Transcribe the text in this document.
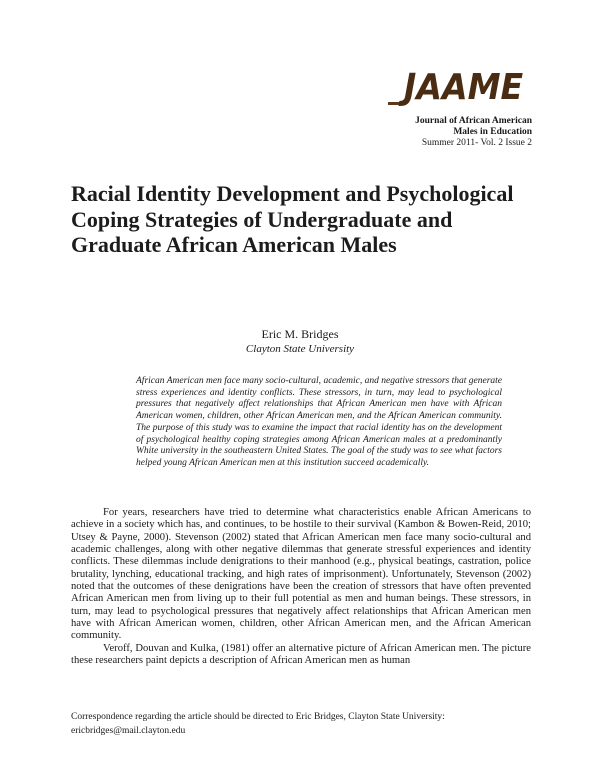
JAAME
Journal of African American
Males in Education
Summer 2011- Vol. 2 Issue 2
Racial Identity Development and Psychological Coping Strategies of Undergraduate and Graduate African American Males
Eric M. Bridges
Clayton State University
African American men face many socio-cultural, academic, and negative stressors that generate stress experiences and identity conflicts. These stressors, in turn, may lead to psychological pressures that negatively affect relationships that African American men have with African American women, children, other African American men, and the African American community. The purpose of this study was to examine the impact that racial identity has on the development of psychological healthy coping strategies among African American males at a predominantly White university in the southeastern United States. The goal of the study was to see what factors helped young African American men at this institution succeed academically.

For years, researchers have tried to determine what characteristics enable African Americans to achieve in a society which has, and continues, to be hostile to their survival (Kambon & Bowen-Reid, 2010; Utsey & Payne, 2000). Stevenson (2002) stated that African American men face many socio-cultural and academic challenges, along with other negative dilemmas that generate stressful experiences and identity conflicts. These dilemmas include denigrations to their manhood (e.g., physical beatings, castration, police brutality, lynching, educational tracking, and high rates of imprisonment). Unfortunately, Stevenson (2002) noted that the outcomes of these denigrations have been the creation of stressors that have often prevented African American men from living up to their full potential as men and human beings. These stressors, in turn, may lead to psychological pressures that negatively affect relationships that African American men have with African American women, children, other African American men, and the African American community.

Veroff, Douvan and Kulka, (1981) offer an alternative picture of African American men. The picture these researchers paint depicts a description of African American men as human

Correspondence regarding the article should be directed to Eric Bridges, Clayton State University:
ericbridges@mail.clayton.edu
